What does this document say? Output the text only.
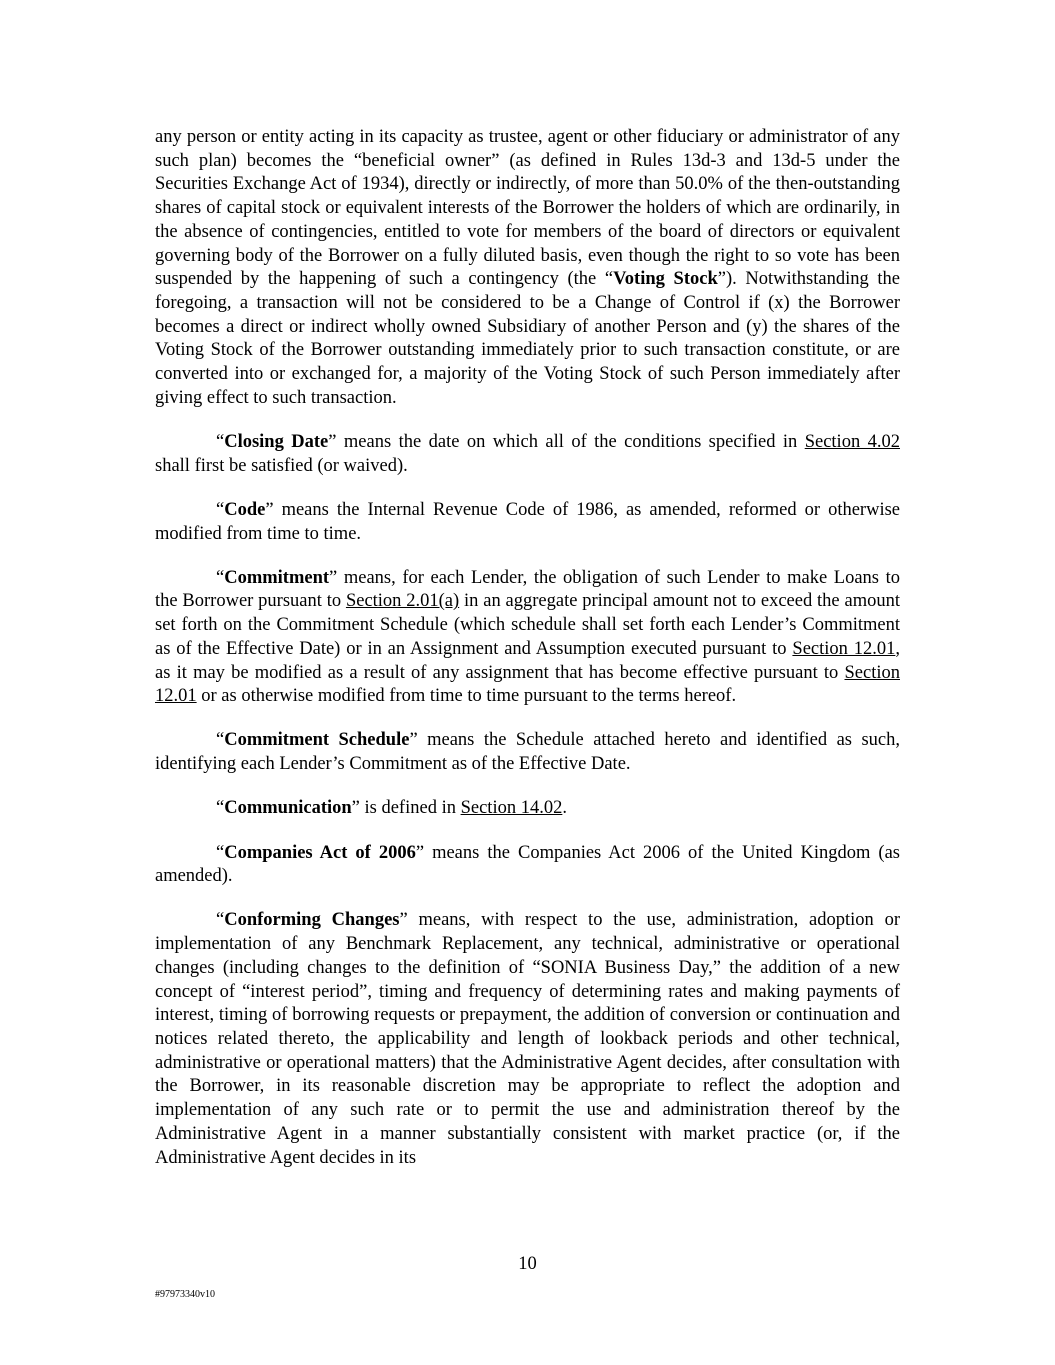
any person or entity acting in its capacity as trustee, agent or other fiduciary or administrator of any such plan) becomes the “beneficial owner” (as defined in Rules 13d-3 and 13d-5 under the Securities Exchange Act of 1934), directly or indirectly, of more than 50.0% of the then-outstanding shares of capital stock or equivalent interests of the Borrower the holders of which are ordinarily, in the absence of contingencies, entitled to vote for members of the board of directors or equivalent governing body of the Borrower on a fully diluted basis, even though the right to so vote has been suspended by the happening of such a contingency (the “Voting Stock”). Notwithstanding the foregoing, a transaction will not be considered to be a Change of Control if (x) the Borrower becomes a direct or indirect wholly owned Subsidiary of another Person and (y) the shares of the Voting Stock of the Borrower outstanding immediately prior to such transaction constitute, or are converted into or exchanged for, a majority of the Voting Stock of such Person immediately after giving effect to such transaction.

“Closing Date” means the date on which all of the conditions specified in Section 4.02 shall first be satisfied (or waived).

“Code” means the Internal Revenue Code of 1986, as amended, reformed or otherwise modified from time to time.

“Commitment” means, for each Lender, the obligation of such Lender to make Loans to the Borrower pursuant to Section 2.01(a) in an aggregate principal amount not to exceed the amount set forth on the Commitment Schedule (which schedule shall set forth each Lender’s Commitment as of the Effective Date) or in an Assignment and Assumption executed pursuant to Section 12.01, as it may be modified as a result of any assignment that has become effective pursuant to Section 12.01 or as otherwise modified from time to time pursuant to the terms hereof.

“Commitment Schedule” means the Schedule attached hereto and identified as such, identifying each Lender’s Commitment as of the Effective Date.

“Communication” is defined in Section 14.02.

“Companies Act of 2006” means the Companies Act 2006 of the United Kingdom (as amended).

“Conforming Changes” means, with respect to the use, administration, adoption or implementation of any Benchmark Replacement, any technical, administrative or operational changes (including changes to the definition of “SONIA Business Day,” the addition of a new concept of “interest period”, timing and frequency of determining rates and making payments of interest, timing of borrowing requests or prepayment, the addition of conversion or continuation and notices related thereto, the applicability and length of lookback periods and other technical, administrative or operational matters) that the Administrative Agent decides, after consultation with the Borrower, in its reasonable discretion may be appropriate to reflect the adoption and implementation of any such rate or to permit the use and administration thereof by the Administrative Agent in a manner substantially consistent with market practice (or, if the Administrative Agent decides in its

10
#97973340v10
